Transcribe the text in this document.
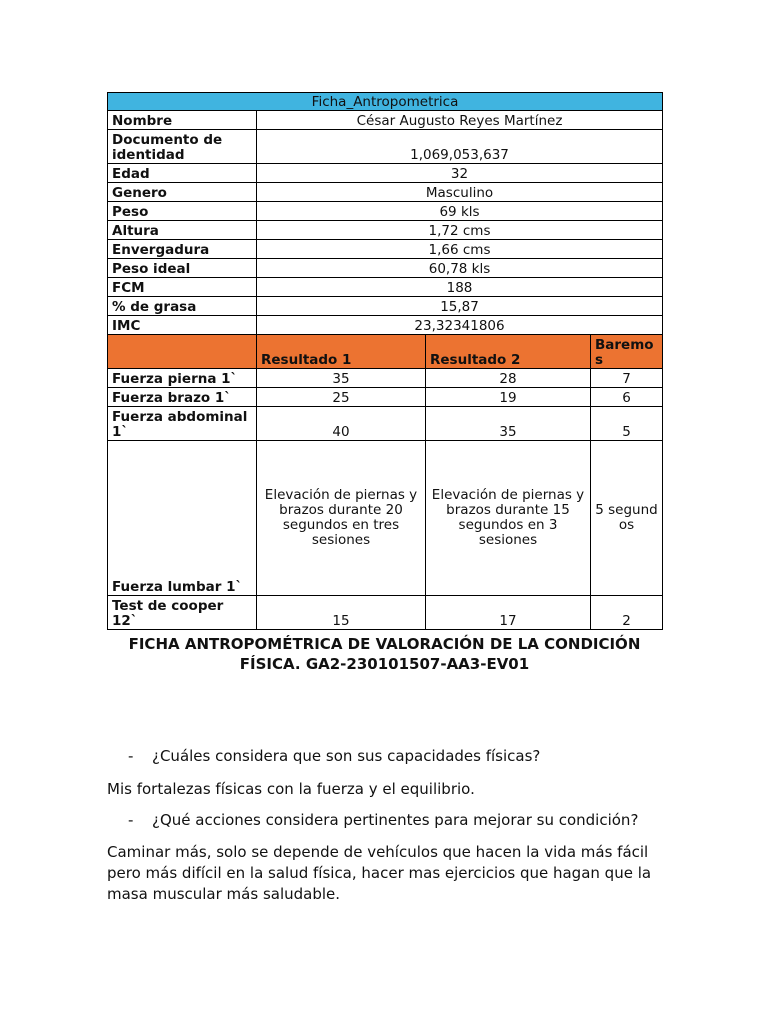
Ficha_Antropometrica			
Nombre	César Augusto Reyes Martínez		
Documento de identidad	1,069,053,637		
Edad	32		
Genero	Masculino		
Peso	69 kls		
Altura	1,72 cms		
Envergadura	1,66 cms		
Peso ideal	60,78 kls		
FCM	188		
% de grasa	15,87		
IMC	23,32341806		
	Resultado 1	Resultado 2	Baremos
Fuerza pierna 1`	35	28	7
Fuerza brazo 1`	25	19	6
Fuerza abdominal 1`	40	35	5
Fuerza lumbar 1`	Elevación de piernas y brazos durante 20 segundos en tres sesiones	Elevación de piernas y brazos durante 15 segundos en 3 sesiones	5 segundos
Test de cooper 12`	15	17	2
FICHA ANTROPOMÉTRICA DE VALORACIÓN DE LA CONDICIÓN FÍSICA. GA2-230101507-AA3-EV01
- ¿Cuáles considera que son sus capacidades físicas?
Mis fortalezas físicas con la fuerza y el equilibrio.
- ¿Qué acciones considera pertinentes para mejorar su condición?
Caminar más, solo se depende de vehículos que hacen la vida más fácil pero más difícil en la salud física, hacer mas ejercicios que hagan que la masa muscular más saludable.
